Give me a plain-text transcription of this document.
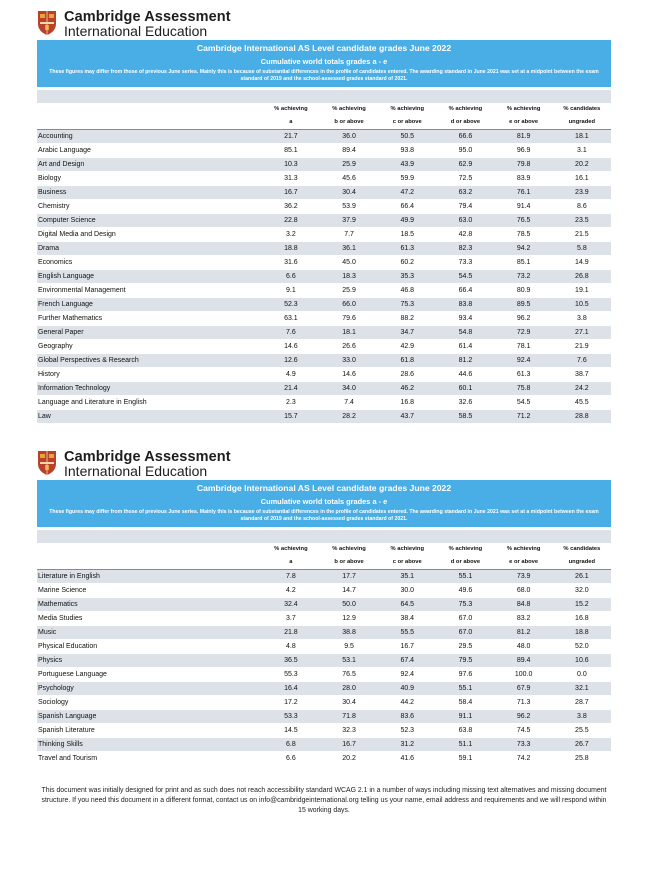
Cambridge Assessment
International Education
Cambridge International AS Level candidate grades June 2022
Cumulative world totals grades a - e
These figures may differ from those of previous June series. Mainly this is because of substantial differences in the profile of candidates entered. The awarding standard in June 2021 was set at a midpoint between the exam standard of 2019 and the school-assessed grades standard of 2021.
	% achieving	% achieving	% achieving	% achieving	% achieving	% candidates
	a	b or above	c or above	d or above	e or above	ungraded
Accounting	21.7	36.0	50.5	66.6	81.9	18.1
Arabic Language	85.1	89.4	93.8	95.0	96.9	3.1
Art and Design	10.3	25.9	43.9	62.9	79.8	20.2
Biology	31.3	45.6	59.9	72.5	83.9	16.1
Business	16.7	30.4	47.2	63.2	76.1	23.9
Chemistry	36.2	53.9	66.4	79.4	91.4	8.6
Computer Science	22.8	37.9	49.9	63.0	76.5	23.5
Digital Media and Design	3.2	7.7	18.5	42.8	78.5	21.5
Drama	18.8	36.1	61.3	82.3	94.2	5.8
Economics	31.6	45.0	60.2	73.3	85.1	14.9
English Language	6.6	18.3	35.3	54.5	73.2	26.8
Environmental Management	9.1	25.9	46.8	66.4	80.9	19.1
French Language	52.3	66.0	75.3	83.8	89.5	10.5
Further Mathematics	63.1	79.6	88.2	93.4	96.2	3.8
General Paper	7.6	18.1	34.7	54.8	72.9	27.1
Geography	14.6	26.6	42.9	61.4	78.1	21.9
Global Perspectives & Research	12.6	33.0	61.8	81.2	92.4	7.6
History	4.9	14.6	28.6	44.6	61.3	38.7
Information Technology	21.4	34.0	46.2	60.1	75.8	24.2
Language and Literature in English	2.3	7.4	16.8	32.6	54.5	45.5
Law	15.7	28.2	43.7	58.5	71.2	28.8
Cambridge Assessment
International Education
Cambridge International AS Level candidate grades June 2022
Cumulative world totals grades a - e
These figures may differ from those of previous June series. Mainly this is because of substantial differences in the profile of candidates entered. The awarding standard in June 2021 was set at a midpoint between the exam standard of 2019 and the school-assessed grades standard of 2021.
	% achieving	% achieving	% achieving	% achieving	% achieving	% candidates
	a	b or above	c or above	d or above	e or above	ungraded
Literature in English	7.8	17.7	35.1	55.1	73.9	26.1
Marine Science	4.2	14.7	30.0	49.6	68.0	32.0
Mathematics	32.4	50.0	64.5	75.3	84.8	15.2
Media Studies	3.7	12.9	38.4	67.0	83.2	16.8
Music	21.8	38.8	55.5	67.0	81.2	18.8
Physical Education	4.8	9.5	16.7	29.5	48.0	52.0
Physics	36.5	53.1	67.4	79.5	89.4	10.6
Portuguese Language	55.3	76.5	92.4	97.6	100.0	0.0
Psychology	16.4	28.0	40.9	55.1	67.9	32.1
Sociology	17.2	30.4	44.2	58.4	71.3	28.7
Spanish Language	53.3	71.8	83.6	91.1	96.2	3.8
Spanish Literature	14.5	32.3	52.3	63.8	74.5	25.5
Thinking Skills	6.8	16.7	31.2	51.1	73.3	26.7
Travel and Tourism	6.6	20.2	41.6	59.1	74.2	25.8
This document was initially designed for print and as such does not reach accessibility standard WCAG 2.1 in a number of ways including missing text alternatives and missing document structure. If you need this document in a different format, contact us on info@cambridgeinternational.org telling us your name, email address and requirements and we will respond within 15 working days.
